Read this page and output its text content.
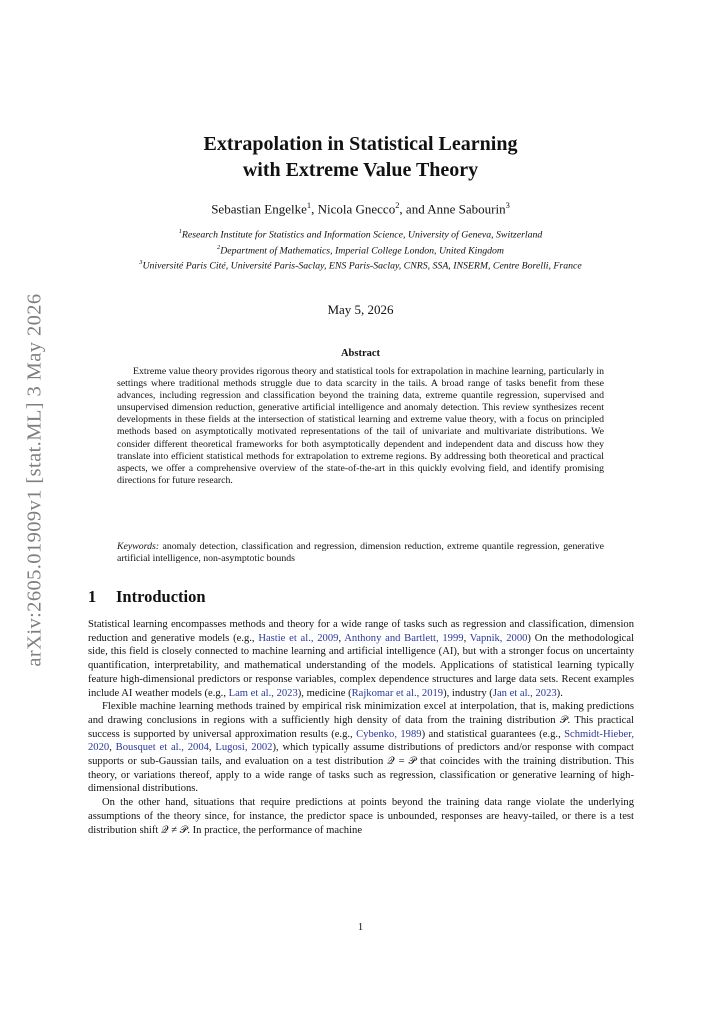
arXiv:2605.01909v1 [stat.ML] 3 May 2026
Extrapolation in Statistical Learning
with Extreme Value Theory
Sebastian Engelke$^1$, Nicola Gnecco$^2$, and Anne Sabourin$^3$
$^1$Research Institute for Statistics and Information Science, University of Geneva, Switzerland
$^2$Department of Mathematics, Imperial College London, United Kingdom
$^3$Université Paris Cité, Université Paris-Saclay, ENS Paris-Saclay, CNRS, SSA, INSERM, Centre Borelli, France
May 5, 2026
Abstract
Extreme value theory provides rigorous theory and statistical tools for extrapolation in machine learning, particularly in settings where traditional methods struggle due to data scarcity in the tails. A broad range of tasks benefit from these advances, including regression and classification beyond the training data, extreme quantile regression, supervised and unsupervised dimension reduction, generative artificial intelligence and anomaly detection. This review synthesizes recent developments in these fields at the intersection of statistical learning and extreme value theory, with a focus on principled methods based on asymptotically motivated representations of the tail of univariate and multivariate distributions. We consider different theoretical frameworks for both asymptotically dependent and independent data and discuss how they translate into efficient statistical methods for extrapolation to extreme regions. By addressing both theoretical and practical aspects, we offer a comprehensive overview of the state-of-the-art in this quickly evolving field, and identify promising directions for future research.
Keywords: anomaly detection, classification and regression, dimension reduction, extreme quantile regression, generative artificial intelligence, non-asymptotic bounds
1 Introduction

Statistical learning encompasses methods and theory for a wide range of tasks such as regression and classification, dimension reduction and generative models (e.g., Hastie et al., 2009, Anthony and Bartlett, 1999, Vapnik, 2000) On the methodological side, this field is closely connected to machine learning and artificial intelligence (AI), but with a stronger focus on uncertainty quantification, interpretability, and mathematical understanding of the models. Applications of statistical learning typically feature high-dimensional predictors or response variables, complex dependence structures and large data sets. Recent examples include AI weather models (e.g., Lam et al., 2023), medicine (Rajkomar et al., 2019), industry (Jan et al., 2023).

Flexible machine learning methods trained by empirical risk minimization excel at interpolation, that is, making predictions and drawing conclusions in regions with a sufficiently high density of data from the training distribution 𝒫. This practical success is supported by universal approximation results (e.g., Cybenko, 1989) and statistical guarantees (e.g., Schmidt-Hieber, 2020, Bousquet et al., 2004, Lugosi, 2002), which typically assume distributions of predictors and/or response with compact supports or sub-Gaussian tails, and evaluation on a test distribution 𝒬 = 𝒫 that coincides with the training distribution. This theory, or variations thereof, apply to a wide range of tasks such as regression, classification or generative learning of high-dimensional distributions.

On the other hand, situations that require predictions at points beyond the training data range violate the underlying assumptions of the theory since, for instance, the predictor space is unbounded, responses are heavy-tailed, or there is a test distribution shift 𝒬 ≠ 𝒫. In practice, the performance of machine

1
